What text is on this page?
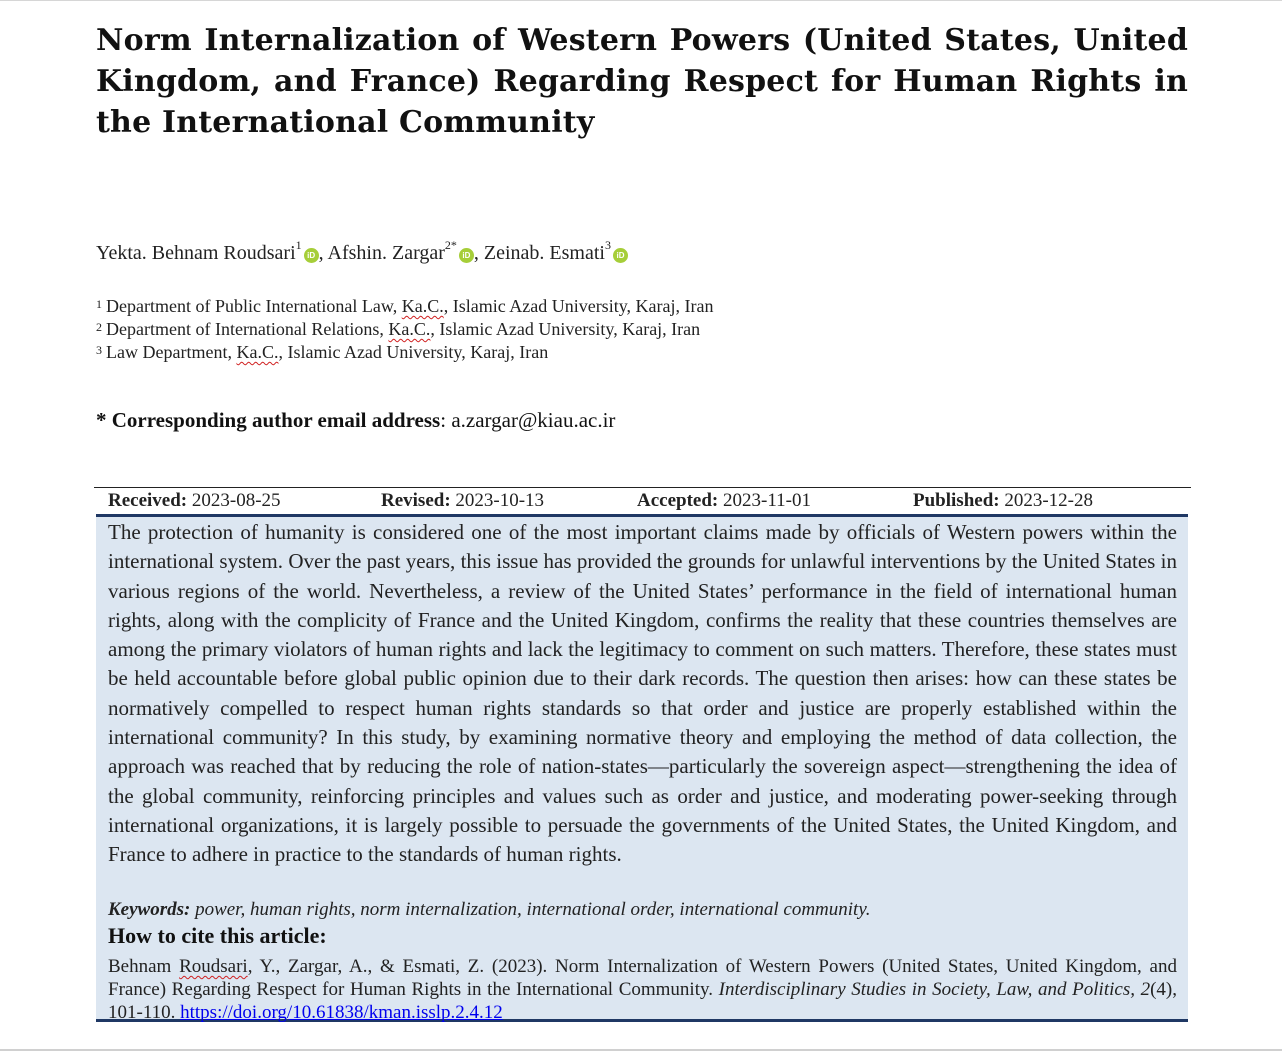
Norm Internalization of Western Powers (United States, United Kingdom, and France) Regarding Respect for Human Rights in the International Community
Yekta. Behnam Roudsari$^1$iD , Afshin. Zargar$^{2*}$iD , Zeinab. Esmati$^3$iD
$^1$ Department of Public International Law, Ka.C., Islamic Azad University, Karaj, Iran
$^2$ Department of International Relations, Ka.C., Islamic Azad University, Karaj, Iran
$^3$ Law Department, Ka.C., Islamic Azad University, Karaj, Iran
* Corresponding author email address: a.zargar@kiau.ac.ir
Received: 2023-08-25	Revised: 2023-10-13	Accepted: 2023-11-01	Published: 2023-12-28

The protection of humanity is considered one of the most important claims made by officials of Western powers within the international system. Over the past years, this issue has provided the grounds for unlawful interventions by the United States in various regions of the world. Nevertheless, a review of the United States’ performance in the field of international human rights, along with the complicity of France and the United Kingdom, confirms the reality that these countries themselves are among the primary violators of human rights and lack the legitimacy to comment on such matters. Therefore, these states must be held accountable before global public opinion due to their dark records. The question then arises: how can these states be normatively compelled to respect human rights standards so that order and justice are properly established within the international community? In this study, by examining normative theory and employing the method of data collection, the approach was reached that by reducing the role of nation-states—particularly the sovereign aspect—strengthening the idea of the global community, reinforcing principles and values such as order and justice, and moderating power-seeking through international organizations, it is largely possible to persuade the governments of the United States, the United Kingdom, and France to adhere in practice to the standards of human rights.

Keywords: power, human rights, norm internalization, international order, international community.
How to cite this article:

Behnam Roudsari, Y., Zargar, A., & Esmati, Z. (2023). Norm Internalization of Western Powers (United States, United Kingdom, and France) Regarding Respect for Human Rights in the International Community. Interdisciplinary Studies in Society, Law, and Politics, 2(4), 101-110. https://doi.org/10.61838/kman.isslp.2.4.12
